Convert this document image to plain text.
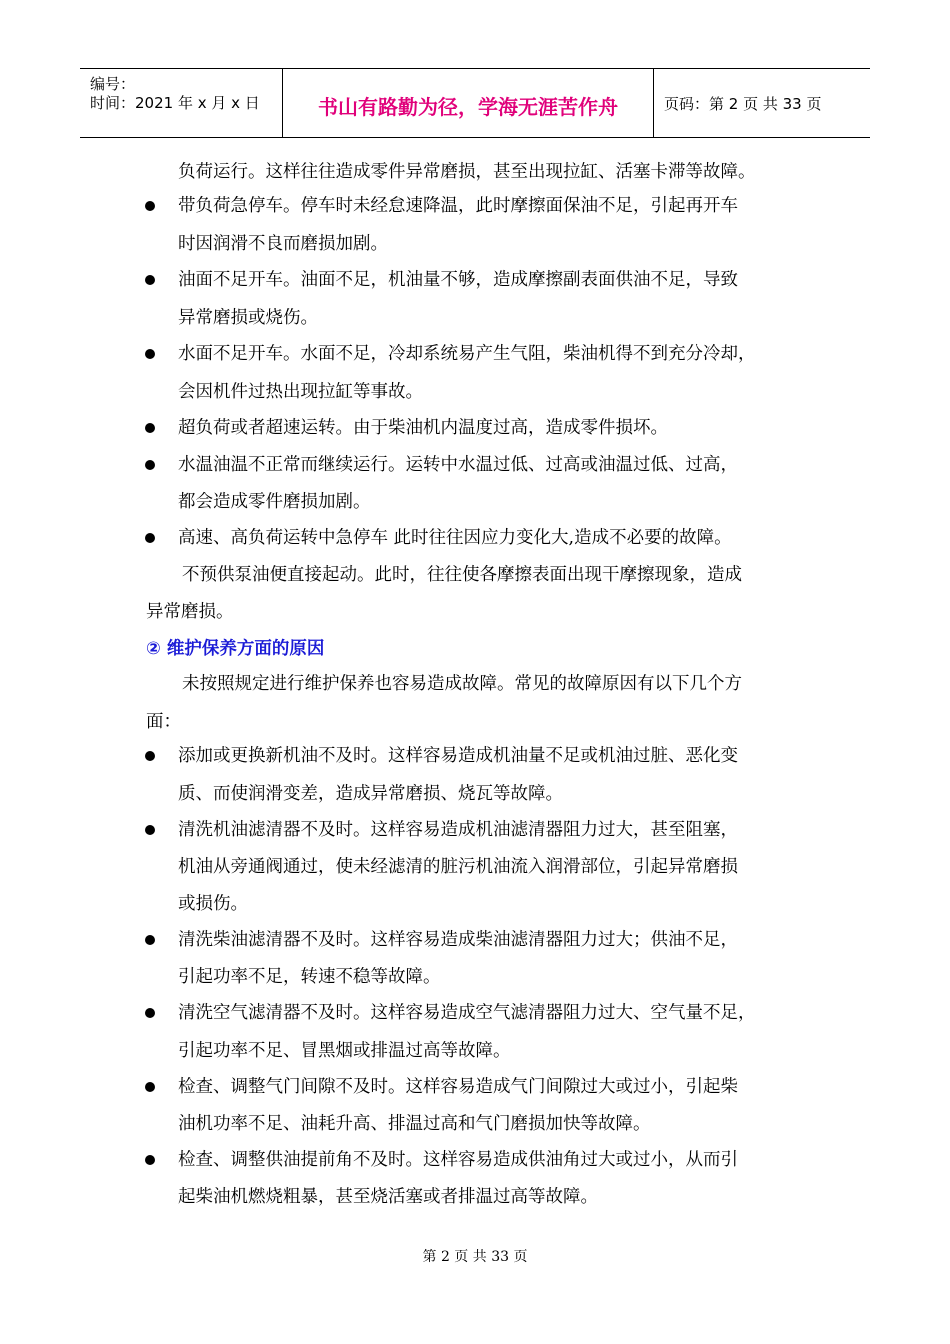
编号：
时间：2021 年 x 月 x 日	书山有路勤为径，学海无涯苦作舟	页码：第 2 页 共 33 页
负荷运行。这样往往造成零件异常磨损，甚至出现拉缸、活塞卡滞等故障。
带负荷急停车。停车时未经怠速降温，此时摩擦面保油不足，引起再开车
时因润滑不良而磨损加剧。
油面不足开车。油面不足，机油量不够，造成摩擦副表面供油不足，导致
异常磨损或烧伤。
水面不足开车。水面不足，冷却系统易产生气阻，柴油机得不到充分冷却，
会因机件过热出现拉缸等事故。
超负荷或者超速运转。由于柴油机内温度过高，造成零件损坏。
水温油温不正常而继续运行。运转中水温过低、过高或油温过低、过高，
都会造成零件磨损加剧。
高速、高负荷运转中急停车 此时往往因应力变化大,造成不必要的故障。
不预供泵油便直接起动。此时，往往使各摩擦表面出现干摩擦现象，造成
异常磨损。
② 维护保养方面的原因
未按照规定进行维护保养也容易造成故障。常见的故障原因有以下几个方
面：
添加或更换新机油不及时。这样容易造成机油量不足或机油过脏、恶化变
质、而使润滑变差，造成异常磨损、烧瓦等故障。
清洗机油滤清器不及时。这样容易造成机油滤清器阻力过大，甚至阻塞，
机油从旁通阀通过，使未经滤清的脏污机油流入润滑部位，引起异常磨损
或损伤。
清洗柴油滤清器不及时。这样容易造成柴油滤清器阻力过大；供油不足，
引起功率不足，转速不稳等故障。
清洗空气滤清器不及时。这样容易造成空气滤清器阻力过大、空气量不足，
引起功率不足、冒黑烟或排温过高等故障。
检查、调整气门间隙不及时。这样容易造成气门间隙过大或过小，引起柴
油机功率不足、油耗升高、排温过高和气门磨损加快等故障。
检查、调整供油提前角不及时。这样容易造成供油角过大或过小，从而引
起柴油机燃烧粗暴，甚至烧活塞或者排温过高等故障。
第 2 页 共 33 页
